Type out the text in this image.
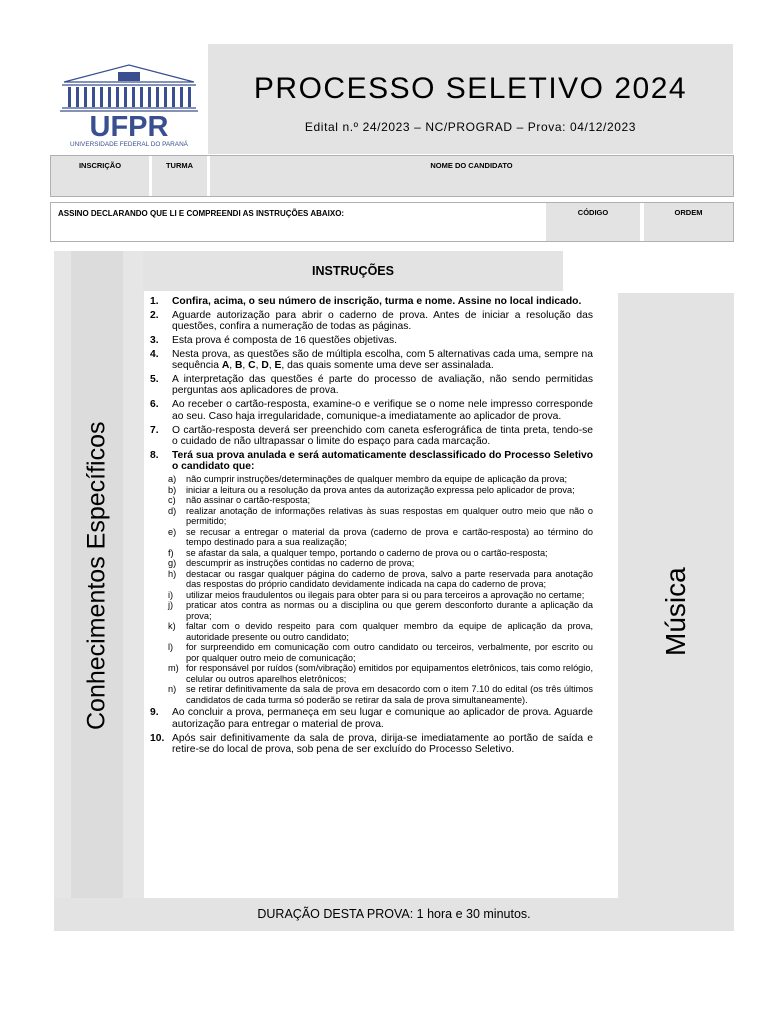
UFPR
UNIVERSIDADE FEDERAL DO PARANÁ
PROCESSO SELETIVO 2024
Edital n.º 24/2023 – NC/PROGRAD – Prova: 04/12/2023
INSCRIÇÃO	TURMA	NOME DO CANDIDATO
ASSINO DECLARANDO QUE LI E COMPREENDI AS INSTRUÇÕES ABAIXO:	CÓDIGO	ORDEM
Conhecimentos Específicos	Música
DURAÇÃO DESTA PROVA: 1 hora e 30 minutos.
INSTRUÇÕES
1.	Confira, acima, o seu número de inscrição, turma e nome. Assine no local indicado.
2.	Aguarde autorização para abrir o caderno de prova. Antes de iniciar a resolução das questões, confira a numeração de todas as páginas.
3.	Esta prova é composta de 16 questões objetivas.
4.	Nesta prova, as questões são de múltipla escolha, com 5 alternativas cada uma, sempre na sequência A, B, C, D, E, das quais somente uma deve ser assinalada.
5.	A interpretação das questões é parte do processo de avaliação, não sendo permitidas perguntas aos aplicadores de prova.
6.	Ao receber o cartão-resposta, examine-o e verifique se o nome nele impresso corresponde ao seu. Caso haja irregularidade, comunique-a imediatamente ao aplicador de prova.
7.	O cartão-resposta deverá ser preenchido com caneta esferográfica de tinta preta, tendo-se o cuidado de não ultrapassar o limite do espaço para cada marcação.
8.	Terá sua prova anulada e será automaticamente desclassificado do Processo Seletivo o candidato que:
a)	não cumprir instruções/determinações de qualquer membro da equipe de aplicação da prova;
b)	iniciar a leitura ou a resolução da prova antes da autorização expressa pelo aplicador de prova;
c)	não assinar o cartão-resposta;
d)	realizar anotação de informações relativas às suas respostas em qualquer outro meio que não o permitido;
e)	se recusar a entregar o material da prova (caderno de prova e cartão-resposta) ao término do tempo destinado para a sua realização;
f)	se afastar da sala, a qualquer tempo, portando o caderno de prova ou o cartão-resposta;
g)	descumprir as instruções contidas no caderno de prova;
h)	destacar ou rasgar qualquer página do caderno de prova, salvo a parte reservada para anotação das respostas do próprio candidato devidamente indicada na capa do caderno de prova;
i)	utilizar meios fraudulentos ou ilegais para obter para si ou para terceiros a aprovação no certame;
j)	praticar atos contra as normas ou a disciplina ou que gerem desconforto durante a aplicação da prova;
k)	faltar com o devido respeito para com qualquer membro da equipe de aplicação da prova, autoridade presente ou outro candidato;
l)	for surpreendido em comunicação com outro candidato ou terceiros, verbalmente, por escrito ou por qualquer outro meio de comunicação;
m) for responsável por ruídos (som/vibração) emitidos por equipamentos eletrônicos, tais como relógio, celular ou outros aparelhos eletrônicos;
n)	se retirar definitivamente da sala de prova em desacordo com o item 7.10 do edital (os três últimos candidatos de cada turma só poderão se retirar da sala de prova simultaneamente).
9.	Ao concluir a prova, permaneça em seu lugar e comunique ao aplicador de prova. Aguarde autorização para entregar o material de prova.
10. Após sair definitivamente da sala de prova, dirija-se imediatamente ao portão de saída e retire-se do local de prova, sob pena de ser excluído do Processo Seletivo.
